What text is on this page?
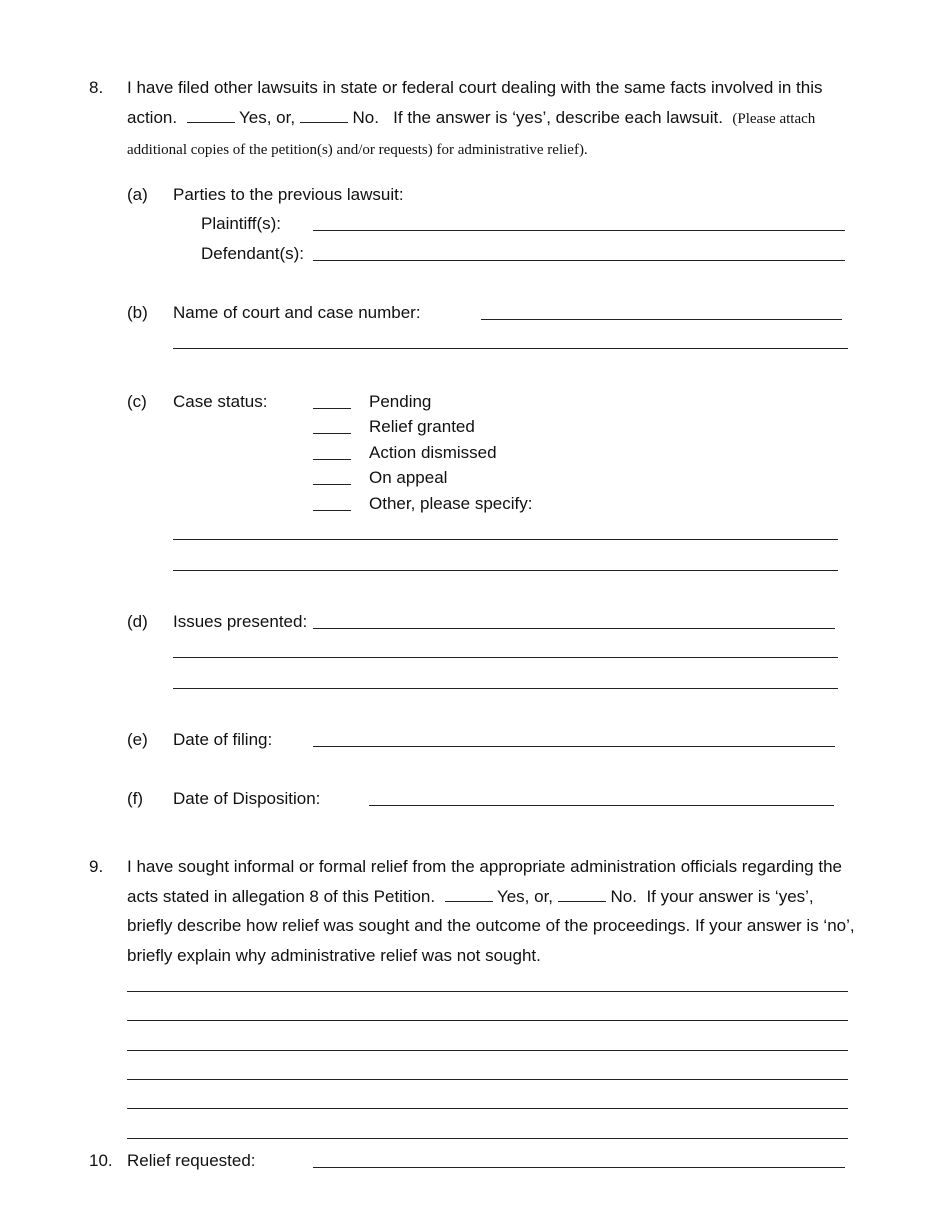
8. I have filed other lawsuits in state or federal court dealing with the same facts involved in this action.	Yes, or,	No. If the answer is ‘yes’, describe each lawsuit. (Please attach additional copies of the petition(s) and/or requests) for administrative relief).
(a) Parties to the previous lawsuit:
Plaintiff(s):
Defendant(s):
(b) Name of court and case number:
(c) Case status:	Pending
Relief granted
Action dismissed
On appeal
Other, please specify:
(d) Issues presented:
(e) Date of filing:
(f) Date of Disposition:
9. I have sought informal or formal relief from the appropriate administration officials regarding the acts stated in allegation 8 of this Petition.	Yes, or,	No. If your answer is ‘yes’, briefly describe how relief was sought and the outcome of the proceedings. If your answer is ‘no’, briefly explain why administrative relief was not sought.
10. Relief requested:
